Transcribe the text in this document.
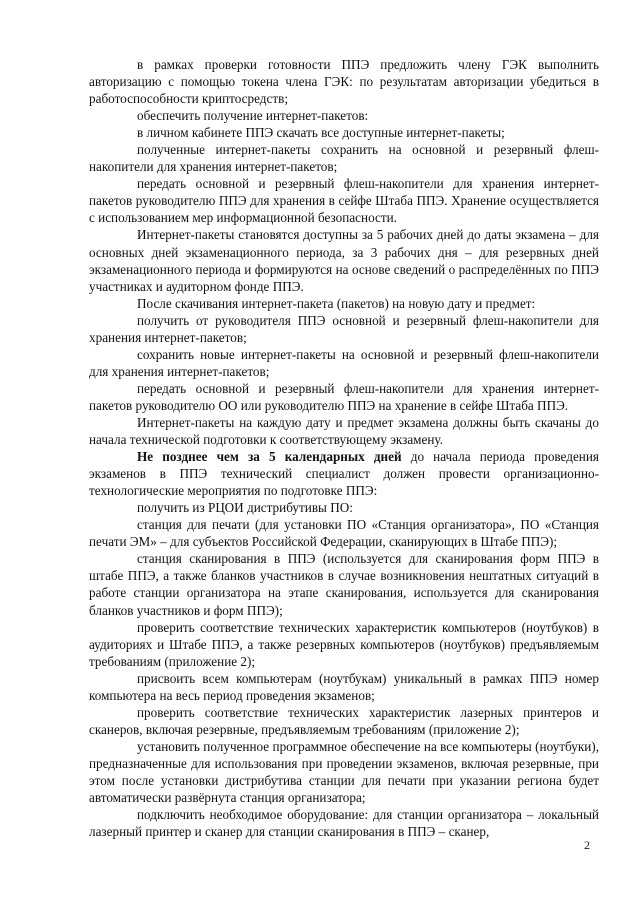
в рамках проверки готовности ППЭ предложить члену ГЭК выполнить авторизацию с помощью токена члена ГЭК: по результатам авторизации убедиться в работоспособности криптосредств;

обеспечить получение интернет-пакетов:

в личном кабинете ППЭ скачать все доступные интернет-пакеты;

полученные интернет-пакеты сохранить на основной и резервный флеш-накопители для хранения интернет-пакетов;

передать основной и резервный флеш-накопители для хранения интернет-пакетов руководителю ППЭ для хранения в сейфе Штаба ППЭ. Хранение осуществляется с использованием мер информационной безопасности.

Интернет-пакеты становятся доступны за 5 рабочих дней до даты экзамена – для основных дней экзаменационного периода, за 3 рабочих дня – для резервных дней экзаменационного периода и формируются на основе сведений о распределённых по ППЭ участниках и аудиторном фонде ППЭ.

После скачивания интернет-пакета (пакетов) на новую дату и предмет:

получить от руководителя ППЭ основной и резервный флеш-накопители для хранения интернет-пакетов;

сохранить новые интернет-пакеты на основной и резервный флеш-накопители для хранения интернет-пакетов;

передать основной и резервный флеш-накопители для хранения интернет-пакетов руководителю ОО или руководителю ППЭ на хранение в сейфе Штаба ППЭ.

Интернет-пакеты на каждую дату и предмет экзамена должны быть скачаны до начала технической подготовки к соответствующему экзамену.

Не позднее чем за 5 календарных дней до начала периода проведения экзаменов в ППЭ технический специалист должен провести организационно-технологические мероприятия по подготовке ППЭ:

получить из РЦОИ дистрибутивы ПО:

станция для печати (для установки ПО «Станция организатора», ПО «Станция печати ЭМ» – для субъектов Российской Федерации, сканирующих в Штабе ППЭ);

станция сканирования в ППЭ (используется для сканирования форм ППЭ в штабе ППЭ, а также бланков участников в случае возникновения нештатных ситуаций в работе станции организатора на этапе сканирования, используется для сканирования бланков участников и форм ППЭ);

проверить соответствие технических характеристик компьютеров (ноутбуков) в аудиториях и Штабе ППЭ, а также резервных компьютеров (ноутбуков) предъявляемым требованиям (приложение 2);

присвоить всем компьютерам (ноутбукам) уникальный в рамках ППЭ номер компьютера на весь период проведения экзаменов;

проверить соответствие технических характеристик лазерных принтеров и сканеров, включая резервные, предъявляемым требованиям (приложение 2);

установить полученное программное обеспечение на все компьютеры (ноутбуки), предназначенные для использования при проведении экзаменов, включая резервные, при этом после установки дистрибутива станции для печати при указании региона будет автоматически развёрнута станция организатора;

подключить необходимое оборудование: для станции организатора – локальный лазерный принтер и сканер для станции сканирования в ППЭ – сканер,

2
